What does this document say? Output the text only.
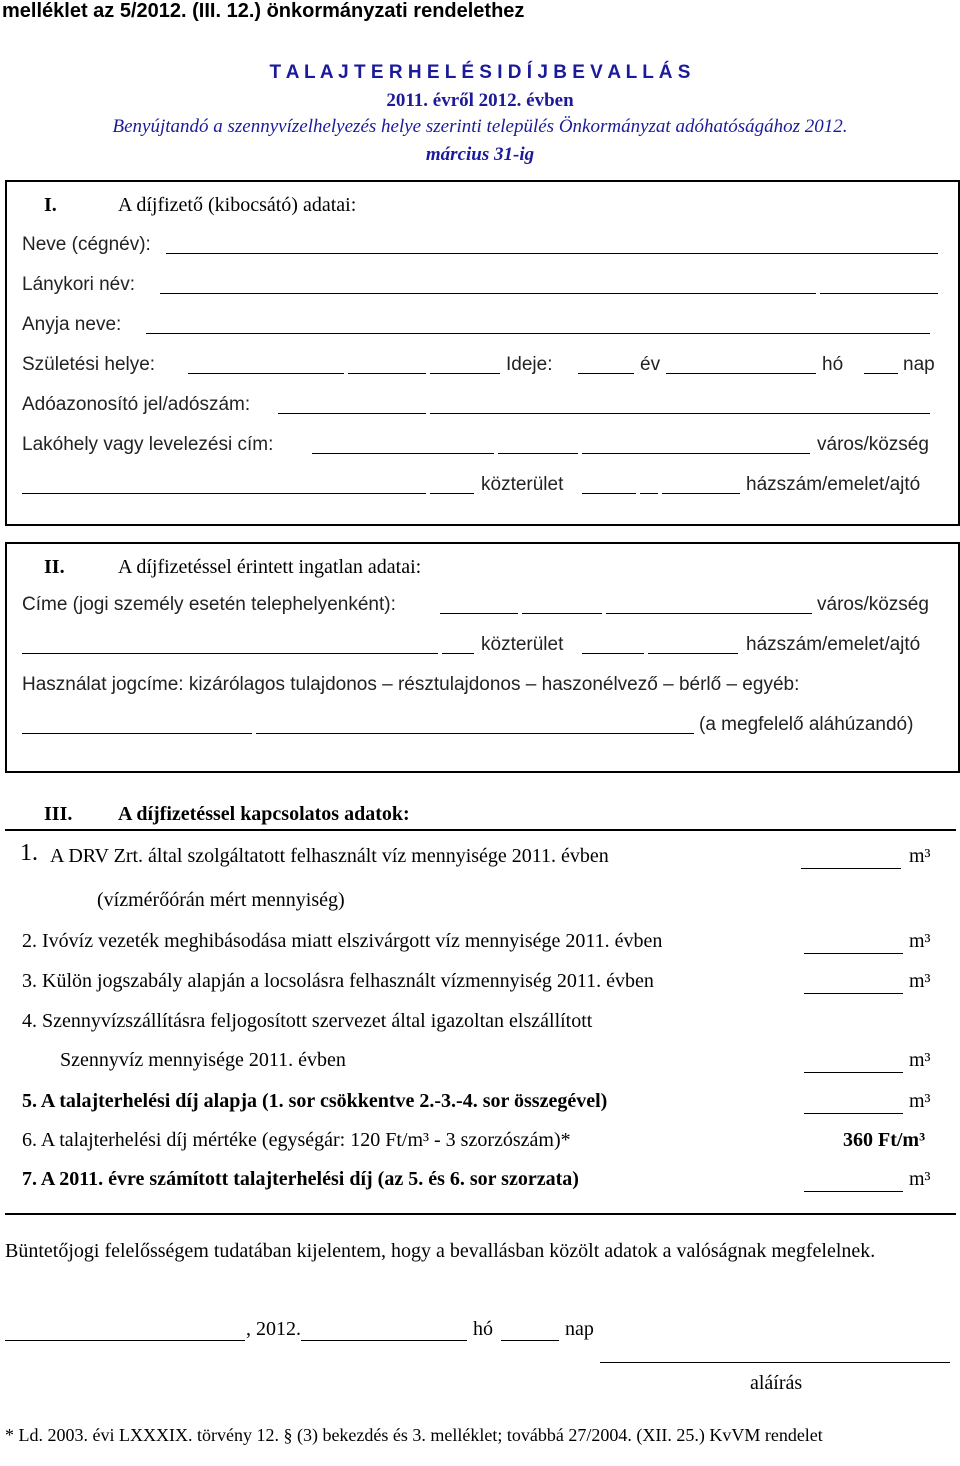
melléklet az 5/2012. (III. 12.) önkormányzati rendelethez
T A L A J T E R H E L É S I D Í J B E V A L L Á S
2011. évről 2012. évben
Benyújtandó a szennyvízelhelyezés helye szerinti település Önkormányzat adóhatóságához 2012.
március 31-ig
I.	A díjfizető (kibocsátó) adatai:
Neve (cégnév):
Lánykori név:
Anyja neve:
Születési helye:	Ideje:	év	hó	nap
Adóazonosító jel/adószám:
Lakóhely vagy levelezési cím:	város/község
közterület	házszám/emelet/ajtó
II.	A díjfizetéssel érintett ingatlan adatai:
Címe (jogi személy esetén telephelyenként):	város/község
közterület	házszám/emelet/ajtó
Használat jogcíme: kizárólagos tulajdonos – résztulajdonos – haszonélvező – bérlő – egyéb:
(a megfelelő aláhúzandó)
III. A díjfizetéssel kapcsolatos adatok:
1. A DRV Zrt. által szolgáltatott felhasznált víz mennyisége 2011. évben	m³
(vízmérőórán mért mennyiség)
2. Ivóvíz vezeték meghibásodása miatt elszivárgott víz mennyisége 2011. évben	m³
3. Külön jogszabály alapján a locsolásra felhasznált vízmennyiség 2011. évben	m³
4. Szennyvízszállításra feljogosított szervezet által igazoltan elszállított
Szennyvíz mennyisége 2011. évben	m³
5. A talajterhelési díj alapja (1. sor csökkentve 2.-3.-4. sor összegével)	m³
6. A talajterhelési díj mértéke (egységár: 120 Ft/m³ - 3 szorzószám)*	360 Ft/m³
7. A 2011. évre számított talajterhelési díj (az 5. és 6. sor szorzata)	m³
Büntetőjogi felelősségem tudatában kijelentem, hogy a bevallásban közölt adatok a valóságnak megfelelnek.
, 2012.	hó	nap
aláírás
* Ld. 2003. évi LXXXIX. törvény 12. § (3) bekezdés és 3. melléklet; továbbá 27/2004. (XII. 25.) KvVM rendelet
